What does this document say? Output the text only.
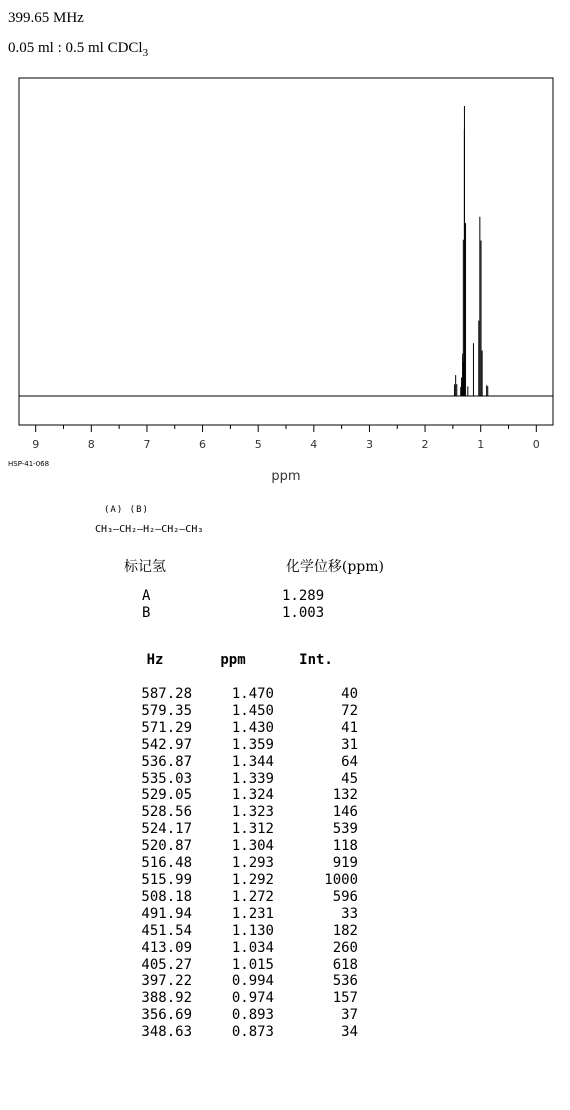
399.65 MHz
0.05 ml : 0.5 ml CDCl$_3$
9	8	7	6	5	4	3	2	1	0
ppm
HSP-41-068
(A) (B)
CH₃—CH₂—H₂—CH₂—CH₃
标记氢	化学位移(ppm)
A	1.289
B	1.003
Hz	ppm	Int.
587.28	1.470	40
579.35	1.450	72
571.29	1.430	41
542.97	1.359	31
536.87	1.344	64
535.03	1.339	45
529.05	1.324	132
528.56	1.323	146
524.17	1.312	539
520.87	1.304	118
516.48	1.293	919
515.99	1.292	1000
508.18	1.272	596
491.94	1.231	33
451.54	1.130	182
413.09	1.034	260
405.27	1.015	618
397.22	0.994	536
388.92	0.974	157
356.69	0.893	37
348.63	0.873	34
